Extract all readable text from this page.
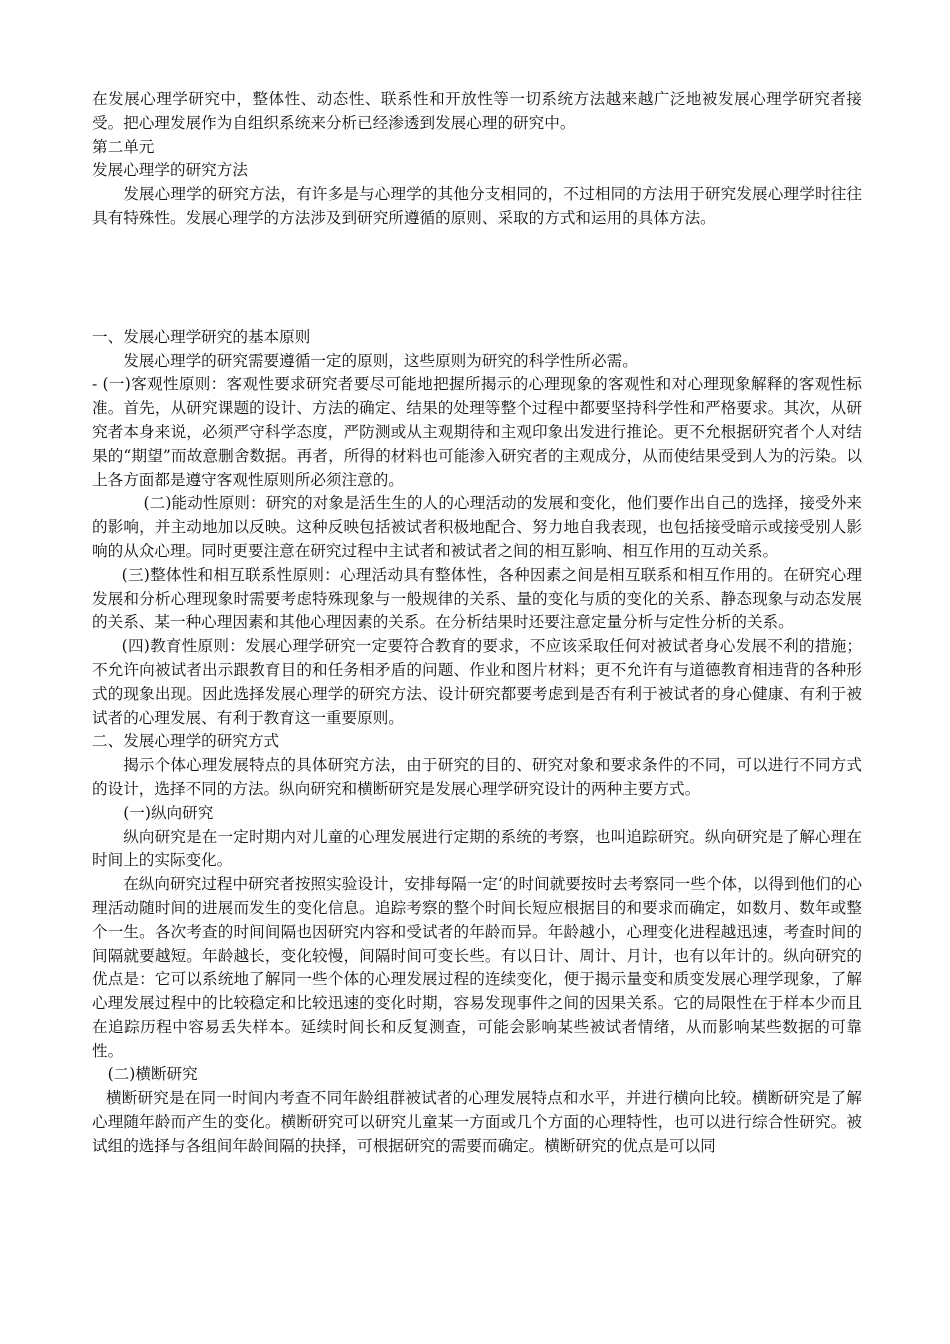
在发展心理学研究中，整体性、动态性、联系性和开放性等一切系统方法越来越广泛地被发展心理学研究者接受。把心理发展作为自组织系统来分析已经渗透到发展心理的研究中。

第二单元

发展心理学的研究方法

发展心理学的研究方法，有许多是与心理学的其他分支相同的，不过相同的方法用于研究发展心理学时往往具有特殊性。发展心理学的方法涉及到研究所遵循的原则、采取的方式和运用的具体方法。

一、发展心理学研究的基本原则

发展心理学的研究需要遵循一定的原则，这些原则为研究的科学性所必需。

- (一)客观性原则：客观性要求研究者要尽可能地把握所揭示的心理现象的客观性和对心理现象解释的客观性标准。首先，从研究课题的设计、方法的确定、结果的处理等整个过程中都要坚持科学性和严格要求。其次，从研究者本身来说，必须严守科学态度，严防测或从主观期待和主观印象出发进行推论。更不允根据研究者个人对结果的“期望”而故意删舍数据。再者，所得的材料也可能渗入研究者的主观成分，从而使结果受到人为的污染。以上各方面都是遵守客观性原则所必须注意的。

(二)能动性原则：研究的对象是活生生的人的心理活动的发展和变化，他们要作出自己的选择，接受外来的影响，并主动地加以反映。这种反映包括被试者积极地配合、努力地自我表现，也包括接受暗示或接受别人影响的从众心理。同时更要注意在研究过程中主试者和被试者之间的相互影响、相互作用的互动关系。

(三)整体性和相互联系性原则：心理活动具有整体性，各种因素之间是相互联系和相互作用的。在研究心理发展和分析心理现象时需要考虑特殊现象与一般规律的关系、量的变化与质的变化的关系、静态现象与动态发展的关系、某一种心理因素和其他心理因素的关系。在分析结果时还要注意定量分析与定性分析的关系。

(四)教育性原则：发展心理学研究一定要符合教育的要求，不应该采取任何对被试者身心发展不利的措施；不允许向被试者出示跟教育目的和任务相矛盾的问题、作业和图片材料；更不允许有与道德教育相违背的各种形式的现象出现。因此选择发展心理学的研究方法、设计研究都要考虑到是否有利于被试者的身心健康、有利于被试者的心理发展、有利于教育这一重要原则。

二、发展心理学的研究方式

揭示个体心理发展特点的具体研究方法，由于研究的目的、研究对象和要求条件的不同，可以进行不同方式的设计，选择不同的方法。纵向研究和横断研究是发展心理学研究设计的两种主要方式。

(一)纵向研究

纵向研究是在一定时期内对儿童的心理发展进行定期的系统的考察，也叫追踪研究。纵向研究是了解心理在时间上的实际变化。

在纵向研究过程中研究者按照实验设计，安排每隔一定‘的时间就要按时去考察同一些个体，以得到他们的心理活动随时间的进展而发生的变化信息。追踪考察的整个时间长短应根据目的和要求而确定，如数月、数年或整个一生。各次考查的时间间隔也因研究内容和受试者的年龄而异。年龄越小，心理变化进程越迅速，考查时间的间隔就要越短。年龄越长，变化较慢，间隔时间可变长些。有以日计、周计、月计，也有以年计的。纵向研究的优点是：它可以系统地了解同一些个体的心理发展过程的连续变化，便于揭示量变和质变发展心理学现象，了解心理发展过程中的比较稳定和比较迅速的变化时期，容易发现事件之间的因果关系。它的局限性在于样本少而且在追踪历程中容易丢失样本。延续时间长和反复测查，可能会影响某些被试者情绪，从而影响某些数据的可靠性。

(二)横断研究

横断研究是在同一时间内考查不同年龄组群被试者的心理发展特点和水平，并进行横向比较。横断研究是了解心理随年龄而产生的变化。横断研究可以研究儿童某一方面或几个方面的心理特性，也可以进行综合性研究。被试组的选择与各组间年龄间隔的抉择，可根据研究的需要而确定。横断研究的优点是可以同
